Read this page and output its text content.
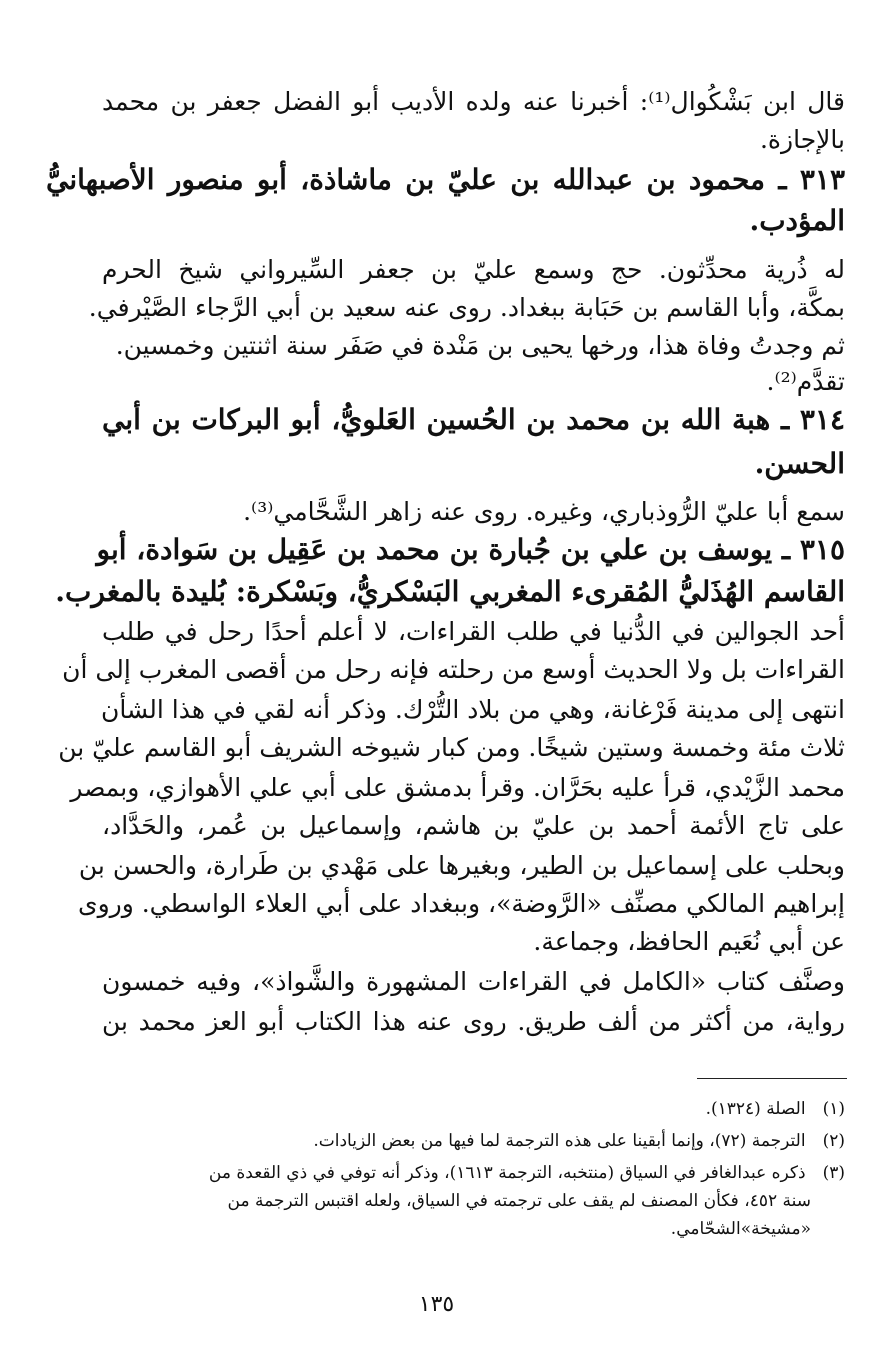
قال ابن بَشْكُوال⁽¹⁾: أخبرنا عنه ولده الأديب أبو الفضل جعفر بن محمد
بالإجازة.
٣١٣ ـ محمود بن عبدالله بن عليّ بن ماشاذة، أبو منصور الأصبهانيُّ
المؤدب.
له ذُرية محدِّثون. حج وسمع عليّ بن جعفر السِّيرواني شيخ الحرم
بمكَّة، وأبا القاسم بن حَبَابة ببغداد. روى عنه سعيد بن أبي الرَّجاء الصَّيْرفي.
ثم وجدتُ وفاة هذا، ورخها يحيى بن مَنْدة في صَفَر سنة اثنتين وخمسين.
تقدَّم⁽²⁾.
٣١٤ ـ هبة الله بن محمد بن الحُسين العَلويُّ، أبو البركات بن أبي
الحسن.
سمع أبا عليّ الرُّوذباري، وغيره. روى عنه زاهر الشَّحَّامي⁽³⁾.
٣١٥ ـ يوسف بن علي بن جُبارة بن محمد بن عَقِيل بن سَوادة، أبو
القاسم الهُذَليُّ المُقرىء المغربي البَسْكريُّ، وبَسْكرة: بُليدة بالمغرب.
أحد الجوالين في الدُّنيا في طلب القراءات، لا أعلم أحدًا رحل في طلب
القراءات بل ولا الحديث أوسع من رحلته فإنه رحل من أقصى المغرب إلى أن
انتهى إلى مدينة فَرْغانة، وهي من بلاد التُّرْك. وذكر أنه لقي في هذا الشأن
ثلاث مئة وخمسة وستين شيخًا. ومن كبار شيوخه الشريف أبو القاسم عليّ بن
محمد الزَّيْدي، قرأ عليه بحَرَّان. وقرأ بدمشق على أبي علي الأهوازي، وبمصر
على تاج الأئمة أحمد بن عليّ بن هاشم، وإسماعيل بن عُمر، والحَدَّاد،
وبحلب على إسماعيل بن الطير، وبغيرها على مَهْدي بن طَرارة، والحسن بن
إبراهيم المالكي مصنِّف «الرَّوضة»، وببغداد على أبي العلاء الواسطي. وروى
عن أبي نُعَيم الحافظ، وجماعة.
وصنَّف كتاب «الكامل في القراءات المشهورة والشَّواذ»، وفيه خمسون
رواية، من أكثر من ألف طريق. روى عنه هذا الكتاب أبو العز محمد بن
(١) الصلة (١٣٢٤).
(٢) الترجمة (٧٢)، وإنما أبقينا على هذه الترجمة لما فيها من بعض الزيادات.
(٣) ذكره عبدالغافر في السياق (منتخبه، الترجمة ١٦١٣)، وذكر أنه توفي في ذي القعدة من
سنة ٤٥٢، فكأن المصنف لم يقف على ترجمته في السياق، ولعله اقتبس الترجمة من
«مشيخة»الشحّامي.
١٣٥
